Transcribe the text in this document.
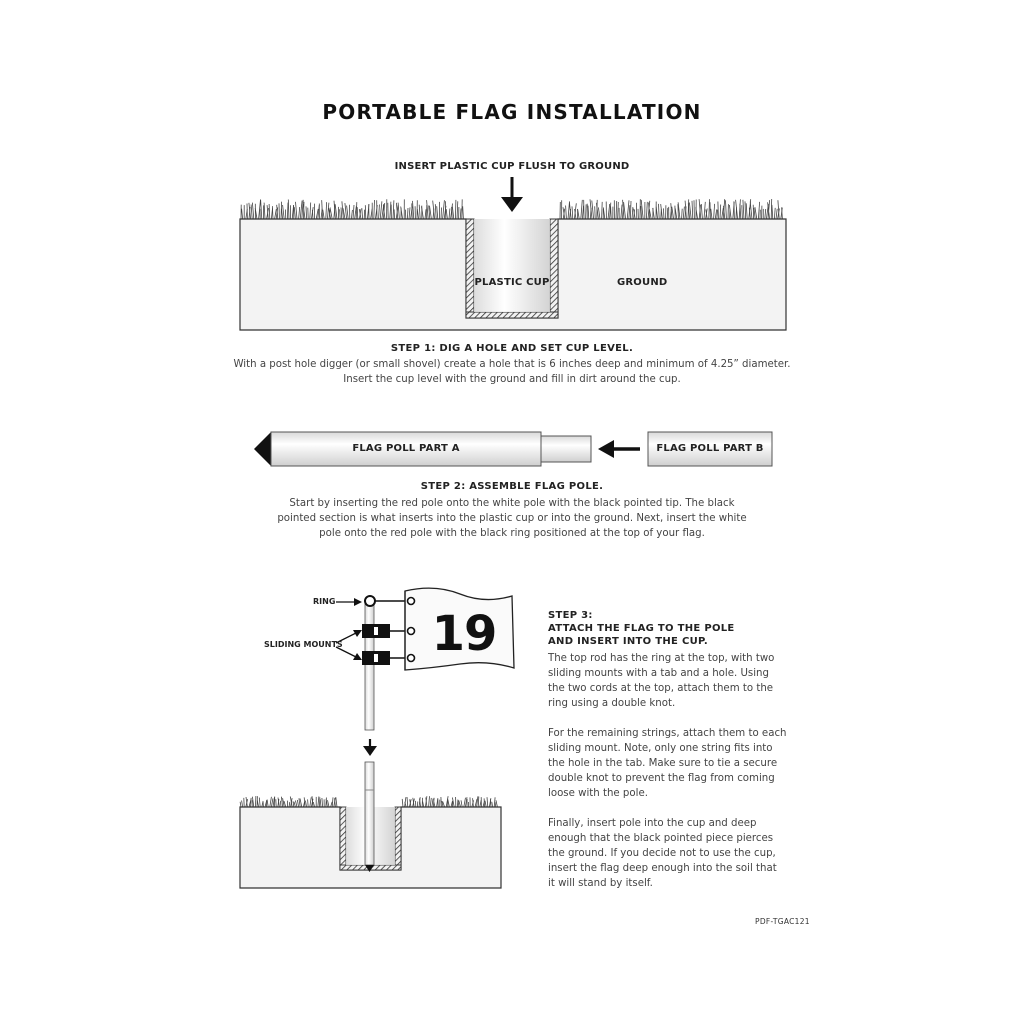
PORTABLE FLAG INSTALLATION
INSERT PLASTIC CUP FLUSH TO GROUND
PLASTIC CUP	GROUND
STEP 1: DIG A HOLE AND SET CUP LEVEL.
With a post hole digger (or small shovel) create a hole that is 6 inches deep and minimum of 4.25” diameter.
Insert the cup level with the ground and fill in dirt around the cup.
FLAG POLL PART A	FLAG POLL PART B
STEP 2: ASSEMBLE FLAG POLE.
Start by inserting the red pole onto the white pole with the black pointed tip. The black
pointed section is what inserts into the plastic cup or into the ground. Next, insert the white
pole onto the red pole with the black ring positioned at the top of your flag.
RING
SLIDING MOUNTS 19	STEP 3:
ATTACH THE FLAG TO THE POLE
AND INSERT INTO THE CUP.
The top rod has the ring at the top, with two
sliding mounts with a tab and a hole. Using
the two cords at the top, attach them to the
ring using a double knot.
For the remaining strings, attach them to each
sliding mount. Note, only one string fits into
the hole in the tab. Make sure to tie a secure
double knot to prevent the flag from coming
loose with the pole.
Finally, insert pole into the cup and deep
enough that the black pointed piece pierces
the ground. If you decide not to use the cup,
insert the flag deep enough into the soil that
it will stand by itself.
PDF-TGAC121
